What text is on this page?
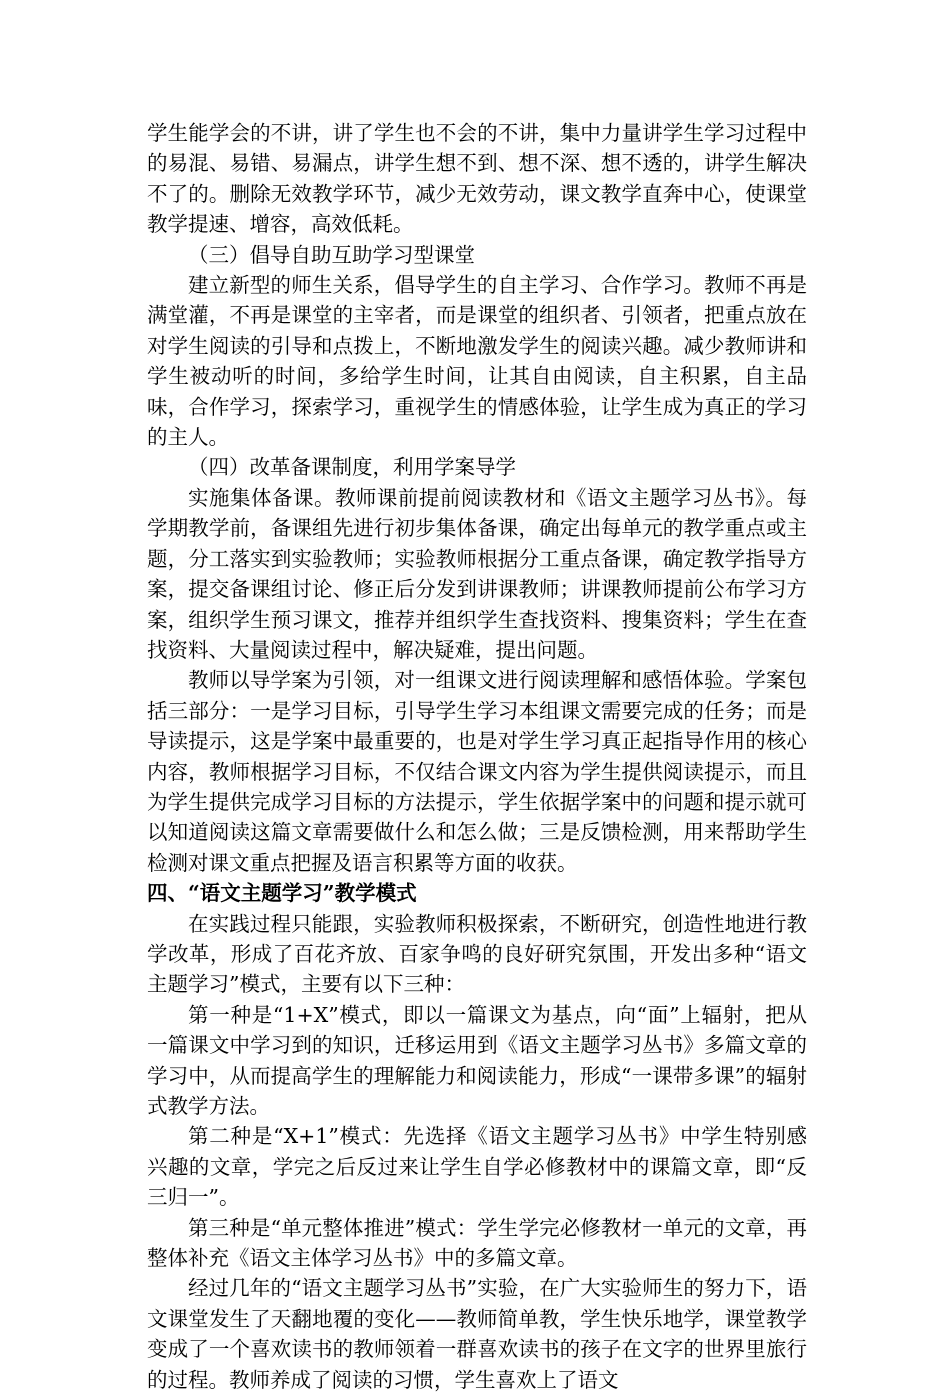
学生能学会的不讲，讲了学生也不会的不讲，集中力量讲学生学习过程中的易混、易错、易漏点，讲学生想不到、想不深、想不透的，讲学生解决不了的。删除无效教学环节，减少无效劳动，课文教学直奔中心，使课堂教学提速、增容，高效低耗。

（三）倡导自助互助学习型课堂

建立新型的师生关系，倡导学生的自主学习、合作学习。教师不再是满堂灌，不再是课堂的主宰者，而是课堂的组织者、引领者，把重点放在对学生阅读的引导和点拨上，不断地激发学生的阅读兴趣。减少教师讲和学生被动听的时间，多给学生时间，让其自由阅读，自主积累，自主品味，合作学习，探索学习，重视学生的情感体验，让学生成为真正的学习的主人。

（四）改革备课制度，利用学案导学

实施集体备课。教师课前提前阅读教材和《语文主题学习丛书》。每学期教学前，备课组先进行初步集体备课，确定出每单元的教学重点或主题，分工落实到实验教师；实验教师根据分工重点备课，确定教学指导方案，提交备课组讨论、修正后分发到讲课教师；讲课教师提前公布学习方案，组织学生预习课文，推荐并组织学生查找资料、搜集资料；学生在查找资料、大量阅读过程中，解决疑难，提出问题。

教师以导学案为引领，对一组课文进行阅读理解和感悟体验。学案包括三部分：一是学习目标，引导学生学习本组课文需要完成的任务；而是导读提示，这是学案中最重要的，也是对学生学习真正起指导作用的核心内容，教师根据学习目标，不仅结合课文内容为学生提供阅读提示，而且为学生提供完成学习目标的方法提示，学生依据学案中的问题和提示就可以知道阅读这篇文章需要做什么和怎么做；三是反馈检测，用来帮助学生检测对课文重点把握及语言积累等方面的收获。

四、“语文主题学习”教学模式

在实践过程只能跟，实验教师积极探索，不断研究，创造性地进行教学改革，形成了百花齐放、百家争鸣的良好研究氛围，开发出多种“语文主题学习”模式，主要有以下三种：

第一种是“1+X”模式，即以一篇课文为基点，向“面”上辐射，把从一篇课文中学习到的知识，迁移运用到《语文主题学习丛书》多篇文章的学习中，从而提高学生的理解能力和阅读能力，形成“一课带多课”的辐射式教学方法。

第二种是“X+1”模式：先选择《语文主题学习丛书》中学生特别感兴趣的文章，学完之后反过来让学生自学必修教材中的课篇文章，即“反三归一”。

第三种是“单元整体推进”模式：学生学完必修教材一单元的文章，再整体补充《语文主体学习丛书》中的多篇文章。

经过几年的“语文主题学习丛书”实验，在广大实验师生的努力下，语文课堂发生了天翻地覆的变化——教师简单教，学生快乐地学，课堂教学变成了一个喜欢读书的教师领着一群喜欢读书的孩子在文字的世界里旅行的过程。教师养成了阅读的习惯，学生喜欢上了语文
